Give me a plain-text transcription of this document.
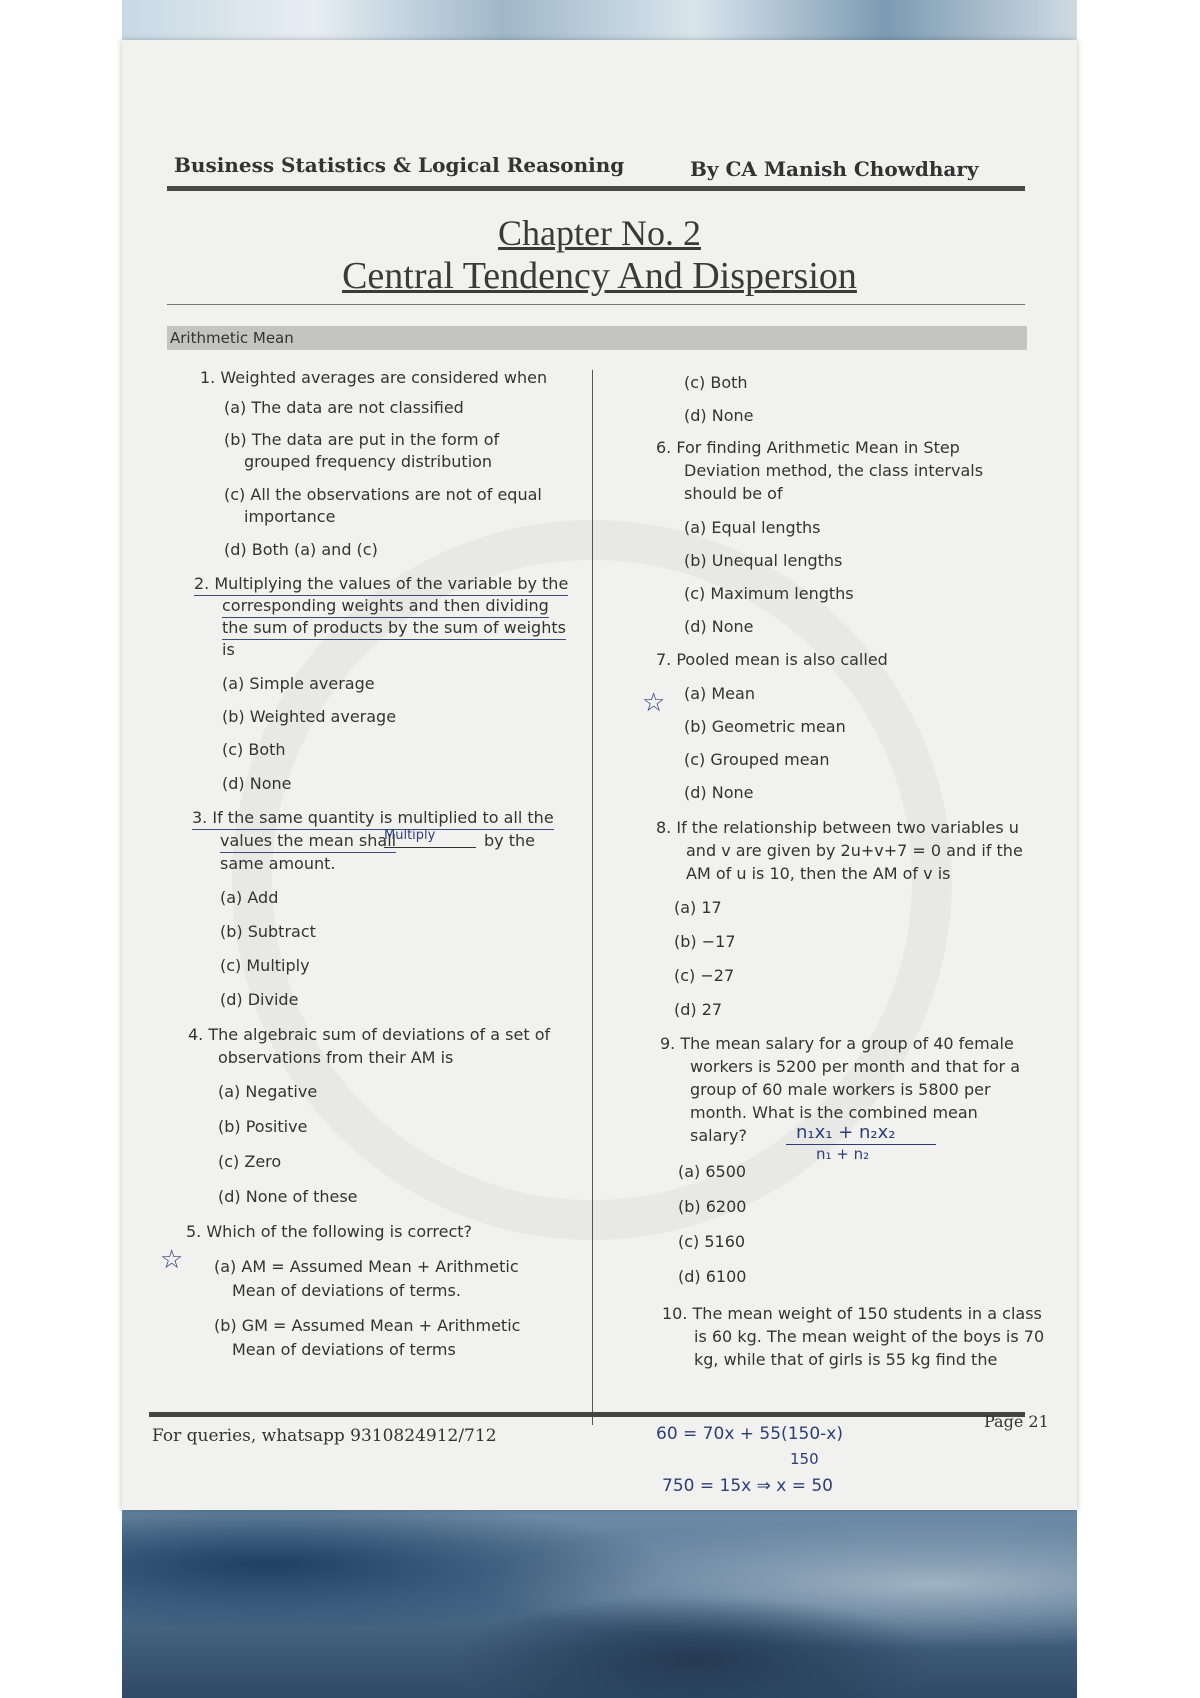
Business Statistics & Logical Reasoning	By CA Manish Chowdhary
Chapter No. 2
Central Tendency And Dispersion
Arithmetic Mean
1. Weighted averages are considered when
(a) The data are not classified
(b) The data are put in the form of
grouped frequency distribution
(c) All the observations are not of equal
importance
(d) Both (a) and (c)
2. Multiplying the values of the variable by the
corresponding weights and then dividing
the sum of products by the sum of weights
is
(a) Simple average
(b) Weighted average
(c) Both
(d) None
3. If the same quantity is multiplied to all the
values the mean shall
Multiply	by the
same amount.
(a) Add
(b) Subtract
(c) Multiply
(d) Divide
4. The algebraic sum of deviations of a set of
observations from their AM is
(a) Negative
(b) Positive
(c) Zero
(d) None of these
5. Which of the following is correct?
☆ (a) AM = Assumed Mean + Arithmetic
Mean of deviations of terms.
(b) GM = Assumed Mean + Arithmetic
Mean of deviations of terms
(c) Both
(d) None
6. For finding Arithmetic Mean in Step
Deviation method, the class intervals
should be of
(a) Equal lengths
(b) Unequal lengths
(c) Maximum lengths
(d) None
7. Pooled mean is also called
☆ (a) Mean
(b) Geometric mean
(c) Grouped mean
(d) None
8. If the relationship between two variables u
and v are given by 2u+v+7 = 0 and if the
AM of u is 10, then the AM of v is
(a) 17
(b) −17
(c) −27
(d) 27
9. The mean salary for a group of 40 female
workers is 5200 per month and that for a
group of 60 male workers is 5800 per
month. What is the combined mean
salary?	n₁x₁ + n₂x₂
n₁ + n₂
(a) 6500
(b) 6200
(c) 5160
(d) 6100
10. The mean weight of 150 students in a class
is 60 kg. The mean weight of the boys is 70
kg, while that of girls is 55 kg find the
For queries, whatsapp 9310824912/712
Page 21
60 = 70x + 55(150-x)
150
750 = 15x ⇒ x = 50
